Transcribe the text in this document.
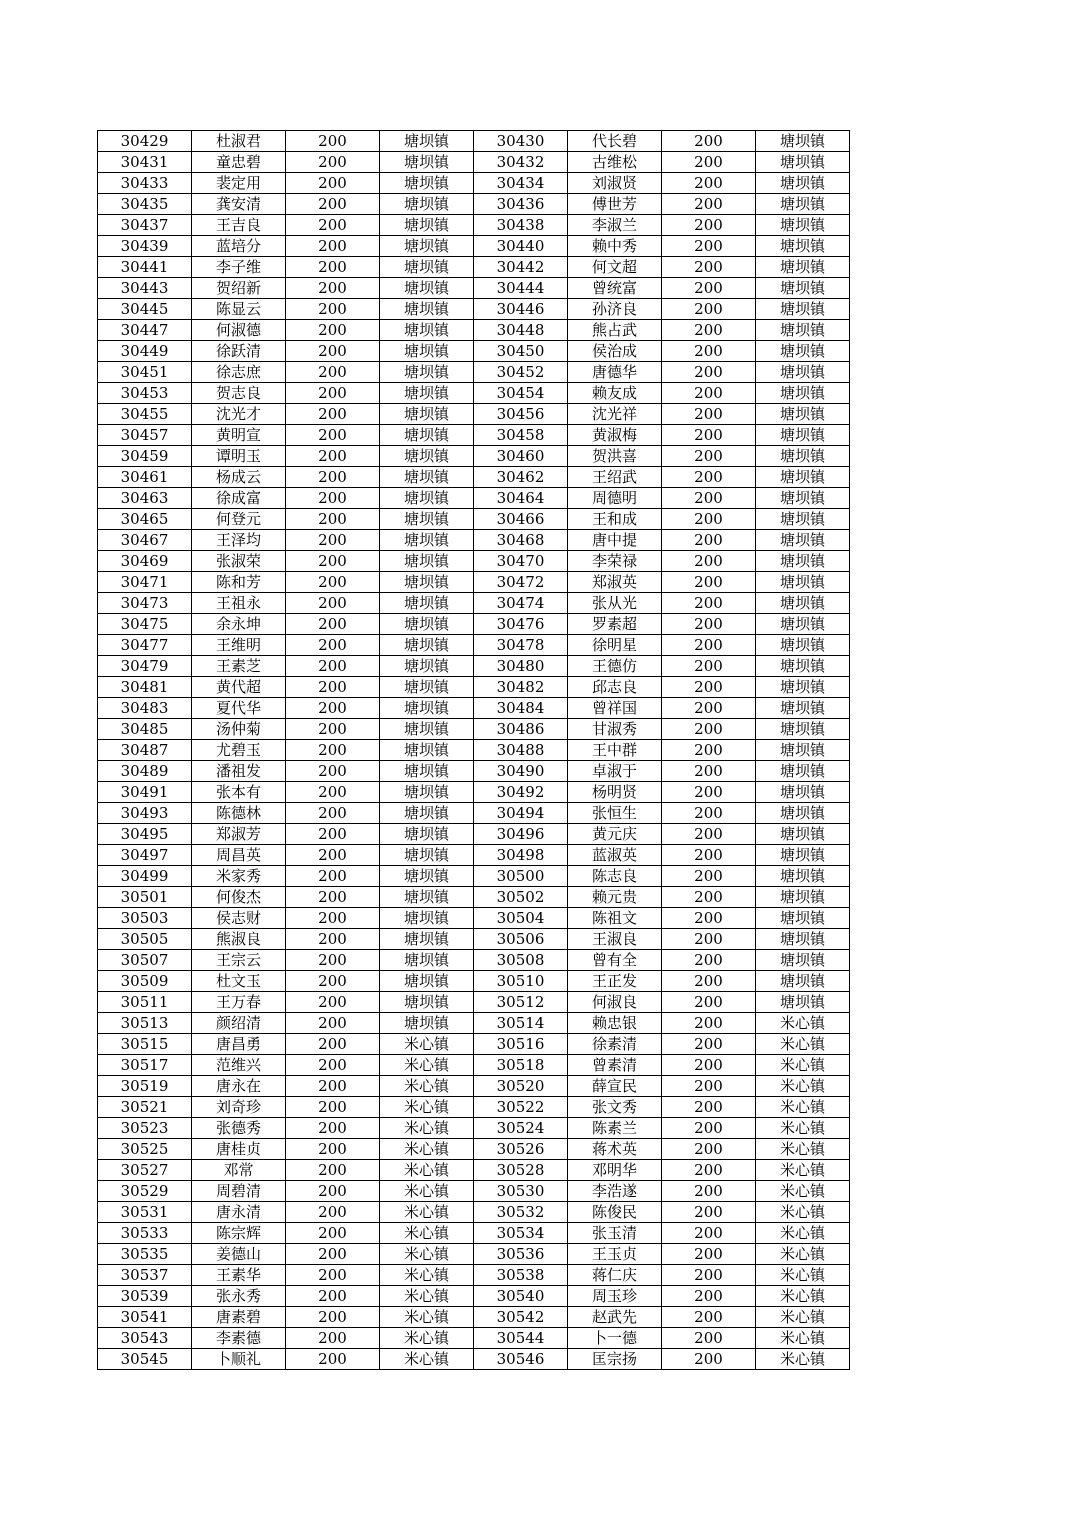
30429	杜淑君	200	塘坝镇	30430	代长碧	200	塘坝镇
30431	童忠碧	200	塘坝镇	30432	古维松	200	塘坝镇
30433	裴定用	200	塘坝镇	30434	刘淑贤	200	塘坝镇
30435	龚安清	200	塘坝镇	30436	傅世芳	200	塘坝镇
30437	王吉良	200	塘坝镇	30438	李淑兰	200	塘坝镇
30439	蓝培分	200	塘坝镇	30440	赖中秀	200	塘坝镇
30441	李子维	200	塘坝镇	30442	何文超	200	塘坝镇
30443	贺绍新	200	塘坝镇	30444	曾统富	200	塘坝镇
30445	陈显云	200	塘坝镇	30446	孙济良	200	塘坝镇
30447	何淑德	200	塘坝镇	30448	熊占武	200	塘坝镇
30449	徐跃清	200	塘坝镇	30450	侯治成	200	塘坝镇
30451	徐志庶	200	塘坝镇	30452	唐德华	200	塘坝镇
30453	贺志良	200	塘坝镇	30454	赖友成	200	塘坝镇
30455	沈光才	200	塘坝镇	30456	沈光祥	200	塘坝镇
30457	黄明宣	200	塘坝镇	30458	黄淑梅	200	塘坝镇
30459	谭明玉	200	塘坝镇	30460	贺洪喜	200	塘坝镇
30461	杨成云	200	塘坝镇	30462	王绍武	200	塘坝镇
30463	徐成富	200	塘坝镇	30464	周德明	200	塘坝镇
30465	何登元	200	塘坝镇	30466	王和成	200	塘坝镇
30467	王泽均	200	塘坝镇	30468	唐中提	200	塘坝镇
30469	张淑荣	200	塘坝镇	30470	李荣禄	200	塘坝镇
30471	陈和芳	200	塘坝镇	30472	郑淑英	200	塘坝镇
30473	王祖永	200	塘坝镇	30474	张从光	200	塘坝镇
30475	余永坤	200	塘坝镇	30476	罗素超	200	塘坝镇
30477	王维明	200	塘坝镇	30478	徐明星	200	塘坝镇
30479	王素芝	200	塘坝镇	30480	王德仿	200	塘坝镇
30481	黄代超	200	塘坝镇	30482	邱志良	200	塘坝镇
30483	夏代华	200	塘坝镇	30484	曾祥国	200	塘坝镇
30485	汤仲菊	200	塘坝镇	30486	甘淑秀	200	塘坝镇
30487	尤碧玉	200	塘坝镇	30488	王中群	200	塘坝镇
30489	潘祖发	200	塘坝镇	30490	卓淑于	200	塘坝镇
30491	张本有	200	塘坝镇	30492	杨明贤	200	塘坝镇
30493	陈德林	200	塘坝镇	30494	张恒生	200	塘坝镇
30495	郑淑芳	200	塘坝镇	30496	黄元庆	200	塘坝镇
30497	周昌英	200	塘坝镇	30498	蓝淑英	200	塘坝镇
30499	米家秀	200	塘坝镇	30500	陈志良	200	塘坝镇
30501	何俊杰	200	塘坝镇	30502	赖元贵	200	塘坝镇
30503	侯志财	200	塘坝镇	30504	陈祖文	200	塘坝镇
30505	熊淑良	200	塘坝镇	30506	王淑良	200	塘坝镇
30507	王宗云	200	塘坝镇	30508	曾有全	200	塘坝镇
30509	杜文玉	200	塘坝镇	30510	王正发	200	塘坝镇
30511	王万春	200	塘坝镇	30512	何淑良	200	塘坝镇
30513	颜绍清	200	塘坝镇	30514	赖忠银	200	米心镇
30515	唐昌勇	200	米心镇	30516	徐素清	200	米心镇
30517	范维兴	200	米心镇	30518	曾素清	200	米心镇
30519	唐永在	200	米心镇	30520	薛宣民	200	米心镇
30521	刘奇珍	200	米心镇	30522	张文秀	200	米心镇
30523	张德秀	200	米心镇	30524	陈素兰	200	米心镇
30525	唐桂贞	200	米心镇	30526	蒋术英	200	米心镇
30527	邓常	200	米心镇	30528	邓明华	200	米心镇
30529	周碧清	200	米心镇	30530	李浩遂	200	米心镇
30531	唐永清	200	米心镇	30532	陈俊民	200	米心镇
30533	陈宗辉	200	米心镇	30534	张玉清	200	米心镇
30535	姜德山	200	米心镇	30536	王玉贞	200	米心镇
30537	王素华	200	米心镇	30538	蒋仁庆	200	米心镇
30539	张永秀	200	米心镇	30540	周玉珍	200	米心镇
30541	唐素碧	200	米心镇	30542	赵武先	200	米心镇
30543	李素德	200	米心镇	30544	卜一德	200	米心镇
30545	卜顺礼	200	米心镇	30546	匡宗扬	200	米心镇
